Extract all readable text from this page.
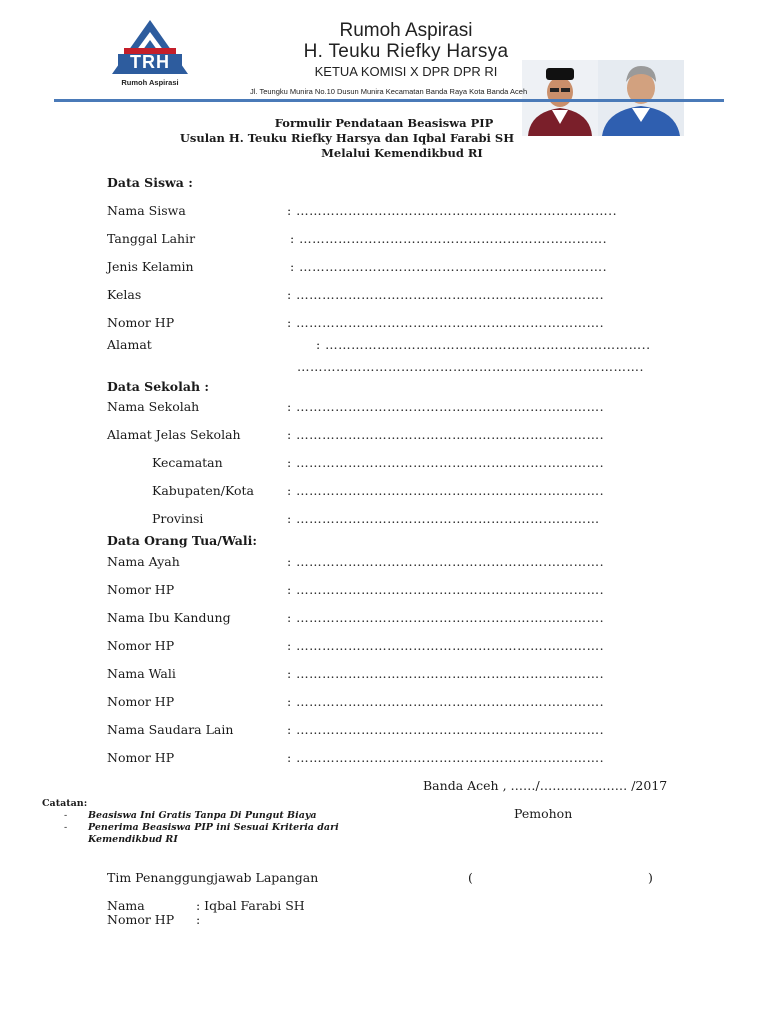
TRH
Rumoh Aspirasi
Rumoh Aspirasi
H. Teuku Riefky Harsya
KETUA KOMISI X DPR DPR RI
Jl. Teungku Munira No.10 Dusun Munira Kecamatan Banda Raya Kota Banda Aceh
Formulir Pendataan Beasiswa PIP
Usulan H. Teuku Riefky Harsya dan Iqbal Farabi SH
Melalui Kemendikbud RI
Data Siswa :
Nama Siswa	: ………………………………………………………………..
Tanggal Lahir	: ………………………………………………….………….
Jenis Kelamin	: ………………………………………………….………….
Kelas	: ………………………………………………….………….
Nomor HP	: ………………………………………………….………….
Alamat	: ………………………………………………….……………..
………………………………………………………….………….
Data Sekolah :
Nama Sekolah	: ………………………………………………….………….
Alamat Jelas Sekolah	: ………………………………………………….………….
Kecamatan	: ………………………………………………….………….
Kabupaten/Kota	: ………………………………………………….………….
Provinsi	: ………………………………………………….…………
Data Orang Tua/Wali:
Nama Ayah	: ………………………………………………….………….
Nomor HP	: ………………………………………………….………….
Nama Ibu Kandung	: ………………………………………………….………….
Nomor HP	: ………………………………………………….………….
Nama Wali	: ………………………………………………….………….
Nomor HP	: ………………………………………………….………….
Nama Saudara Lain	: ………………………………………………….………….
Nomor HP	: ………………………………………………….………….
Banda Aceh , ……/………………… /2017
Catatan:
- Beasiswa Ini Gratis Tanpa Di Pungut Biaya
- Penerima Beasiswa PIP ini Sesuai Kriteria dari
Kemendikbud RI
Pemohon
Tim Penanggungjawab Lapangan	(	)
Nama	: Iqbal Farabi SH
Nomor HP :
